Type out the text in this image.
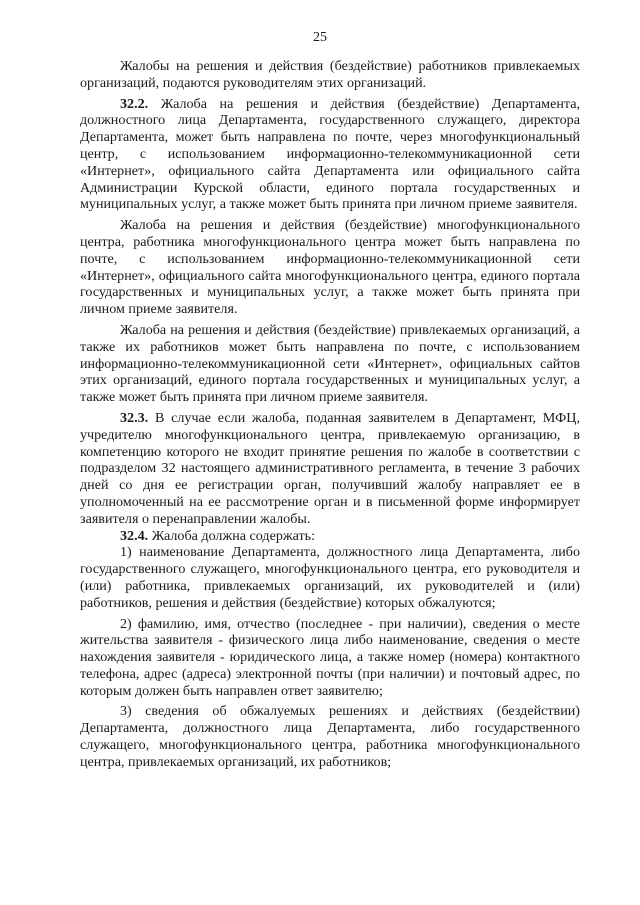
25

Жалобы на решения и действия (бездействие) работников привлекаемых организаций, подаются руководителям этих организаций.

32.2. Жалоба на решения и действия (бездействие) Департамента, должностного лица Департамента, государственного служащего, директора Департамента, может быть направлена по почте, через многофункциональный центр, с использованием информационно-телекоммуникационной сети «Интернет», официального сайта Департамента или официального сайта Администрации Курской области, единого портала государственных и муниципальных услуг, а также может быть принята при личном приеме заявителя.

Жалоба на решения и действия (бездействие) многофункционального центра, работника многофункционального центра может быть направлена по почте, с использованием информационно-телекоммуникационной сети «Интернет», официального сайта многофункционального центра, единого портала государственных и муниципальных услуг, а также может быть принята при личном приеме заявителя.

Жалоба на решения и действия (бездействие) привлекаемых организаций, а также их работников может быть направлена по почте, с использованием информационно-телекоммуникационной сети «Интернет», официальных сайтов этих организаций, единого портала государственных и муниципальных услуг, а также может быть принята при личном приеме заявителя.

32.3. В случае если жалоба, поданная заявителем в Департамент, МФЦ, учредителю многофункционального центра, привлекаемую организацию, в компетенцию которого не входит принятие решения по жалобе в соответствии с подразделом 32 настоящего административного регламента, в течение 3 рабочих дней со дня ее регистрации орган, получивший жалобу направляет ее в уполномоченный на ее рассмотрение орган и в письменной форме информирует заявителя о перенаправлении жалобы.

32.4. Жалоба должна содержать:

1) наименование Департамента, должностного лица Департамента, либо государственного служащего, многофункционального центра, его руководителя и (или) работника, привлекаемых организаций, их руководителей и (или) работников, решения и действия (бездействие) которых обжалуются;

2) фамилию, имя, отчество (последнее - при наличии), сведения о месте жительства заявителя - физического лица либо наименование, сведения о месте нахождения заявителя - юридического лица, а также номер (номера) контактного телефона, адрес (адреса) электронной почты (при наличии) и почтовый адрес, по которым должен быть направлен ответ заявителю;

3) сведения об обжалуемых решениях и действиях (бездействии) Департамента, должностного лица Департамента, либо государственного служащего, многофункционального центра, работника многофункционального центра, привлекаемых организаций, их работников;
